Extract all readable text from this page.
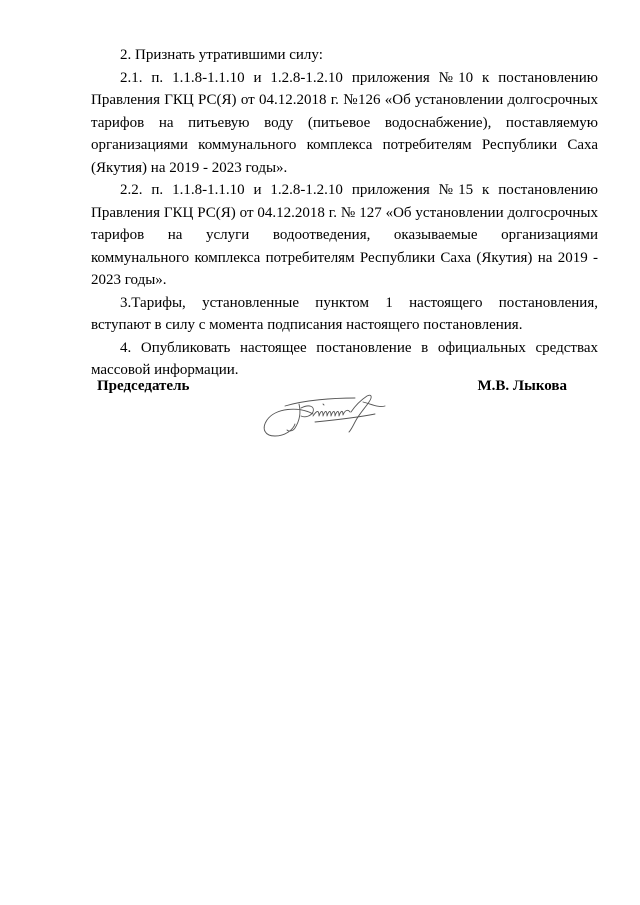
2. Признать утратившими силу:

2.1. п. 1.1.8-1.1.10 и 1.2.8-1.2.10 приложения №10 к постановлению Правления ГКЦ РС(Я) от 04.12.2018 г. №126 «Об установлении долгосрочных тарифов на питьевую воду (питьевое водоснабжение), поставляемую организациями коммунального комплекса потребителям Республики Саха (Якутия) на 2019 - 2023 годы».

2.2. п. 1.1.8-1.1.10 и 1.2.8-1.2.10 приложения №15 к постановлению Правления ГКЦ РС(Я) от 04.12.2018 г. № 127 «Об установлении долгосрочных тарифов на услуги водоотведения, оказываемые организациями коммунального комплекса потребителям Республики Саха (Якутия) на 2019 - 2023 годы».

3.Тарифы, установленные пунктом 1 настоящего постановления, вступают в силу с момента подписания настоящего постановления.

4. Опубликовать настоящее постановление в официальных средствах массовой информации.

Председатель	М.В. Лыкова
